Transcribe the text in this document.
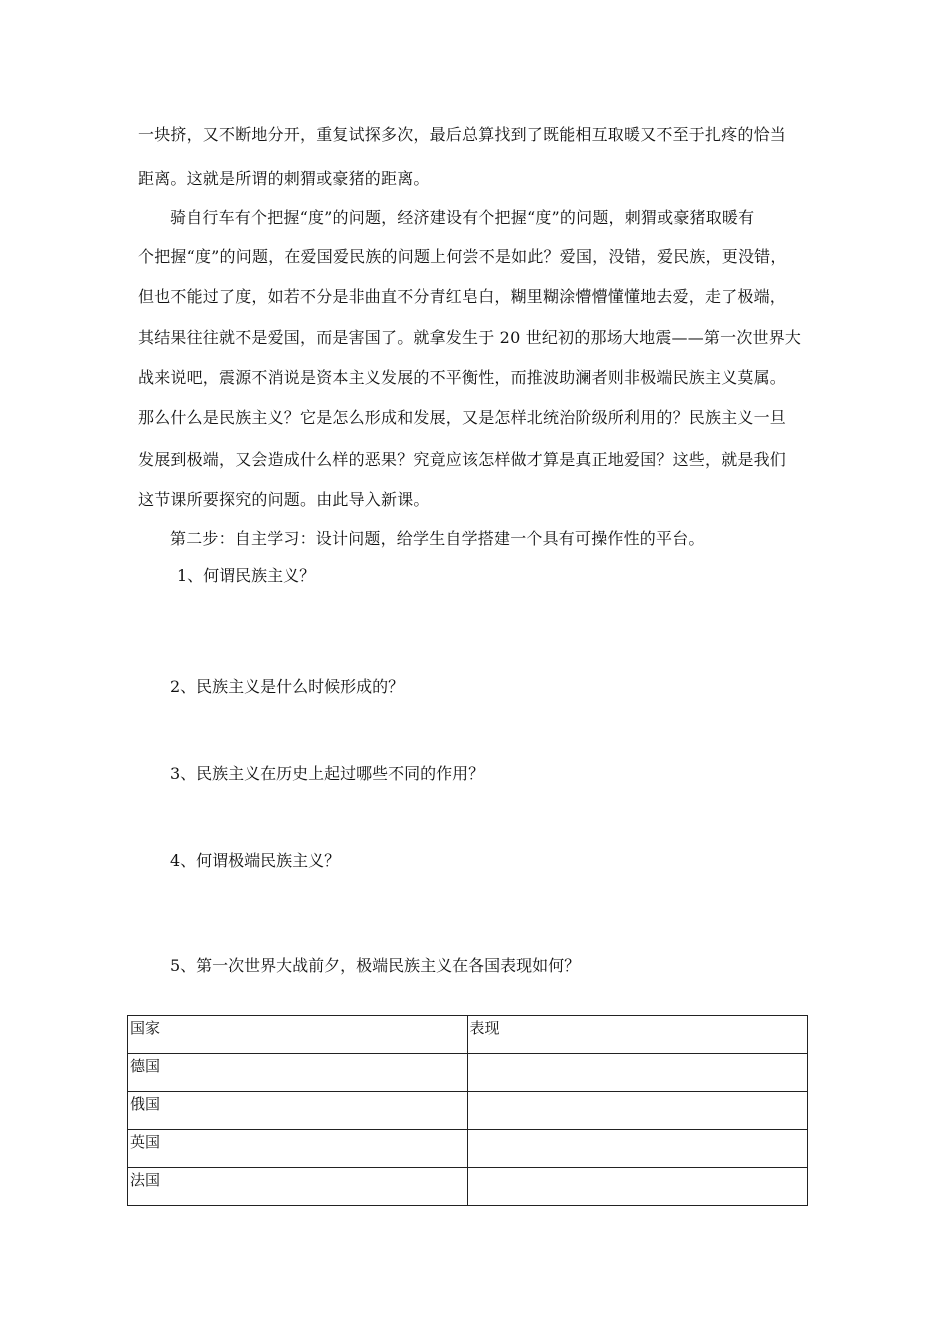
一块挤，又不断地分开，重复试探多次，最后总算找到了既能相互取暖又不至于扎疼的恰当
距离。这就是所谓的刺猬或豪猪的距离。
骑自行车有个把握“度”的问题，经济建设有个把握“度”的问题，刺猬或豪猪取暖有
个把握“度”的问题，在爱国爱民族的问题上何尝不是如此？爱国，没错，爱民族，更没错，
但也不能过了度，如若不分是非曲直不分青红皂白，糊里糊涂懵懵懂懂地去爱，走了极端，
其结果往往就不是爱国，而是害国了。就拿发生于 20 世纪初的那场大地震——第一次世界大
战来说吧，震源不消说是资本主义发展的不平衡性，而推波助澜者则非极端民族主义莫属。
那么什么是民族主义？它是怎么形成和发展，又是怎样北统治阶级所利用的？民族主义一旦
发展到极端，又会造成什么样的恶果？究竟应该怎样做才算是真正地爱国？这些，就是我们
这节课所要探究的问题。由此导入新课。
第二步：自主学习：设计问题，给学生自学搭建一个具有可操作性的平台。
1、何谓民族主义？
2、民族主义是什么时候形成的？
3、民族主义在历史上起过哪些不同的作用？
4、何谓极端民族主义？
5、第一次世界大战前夕，极端民族主义在各国表现如何？
国家	表现
德国	
俄国	
英国	
法国	
